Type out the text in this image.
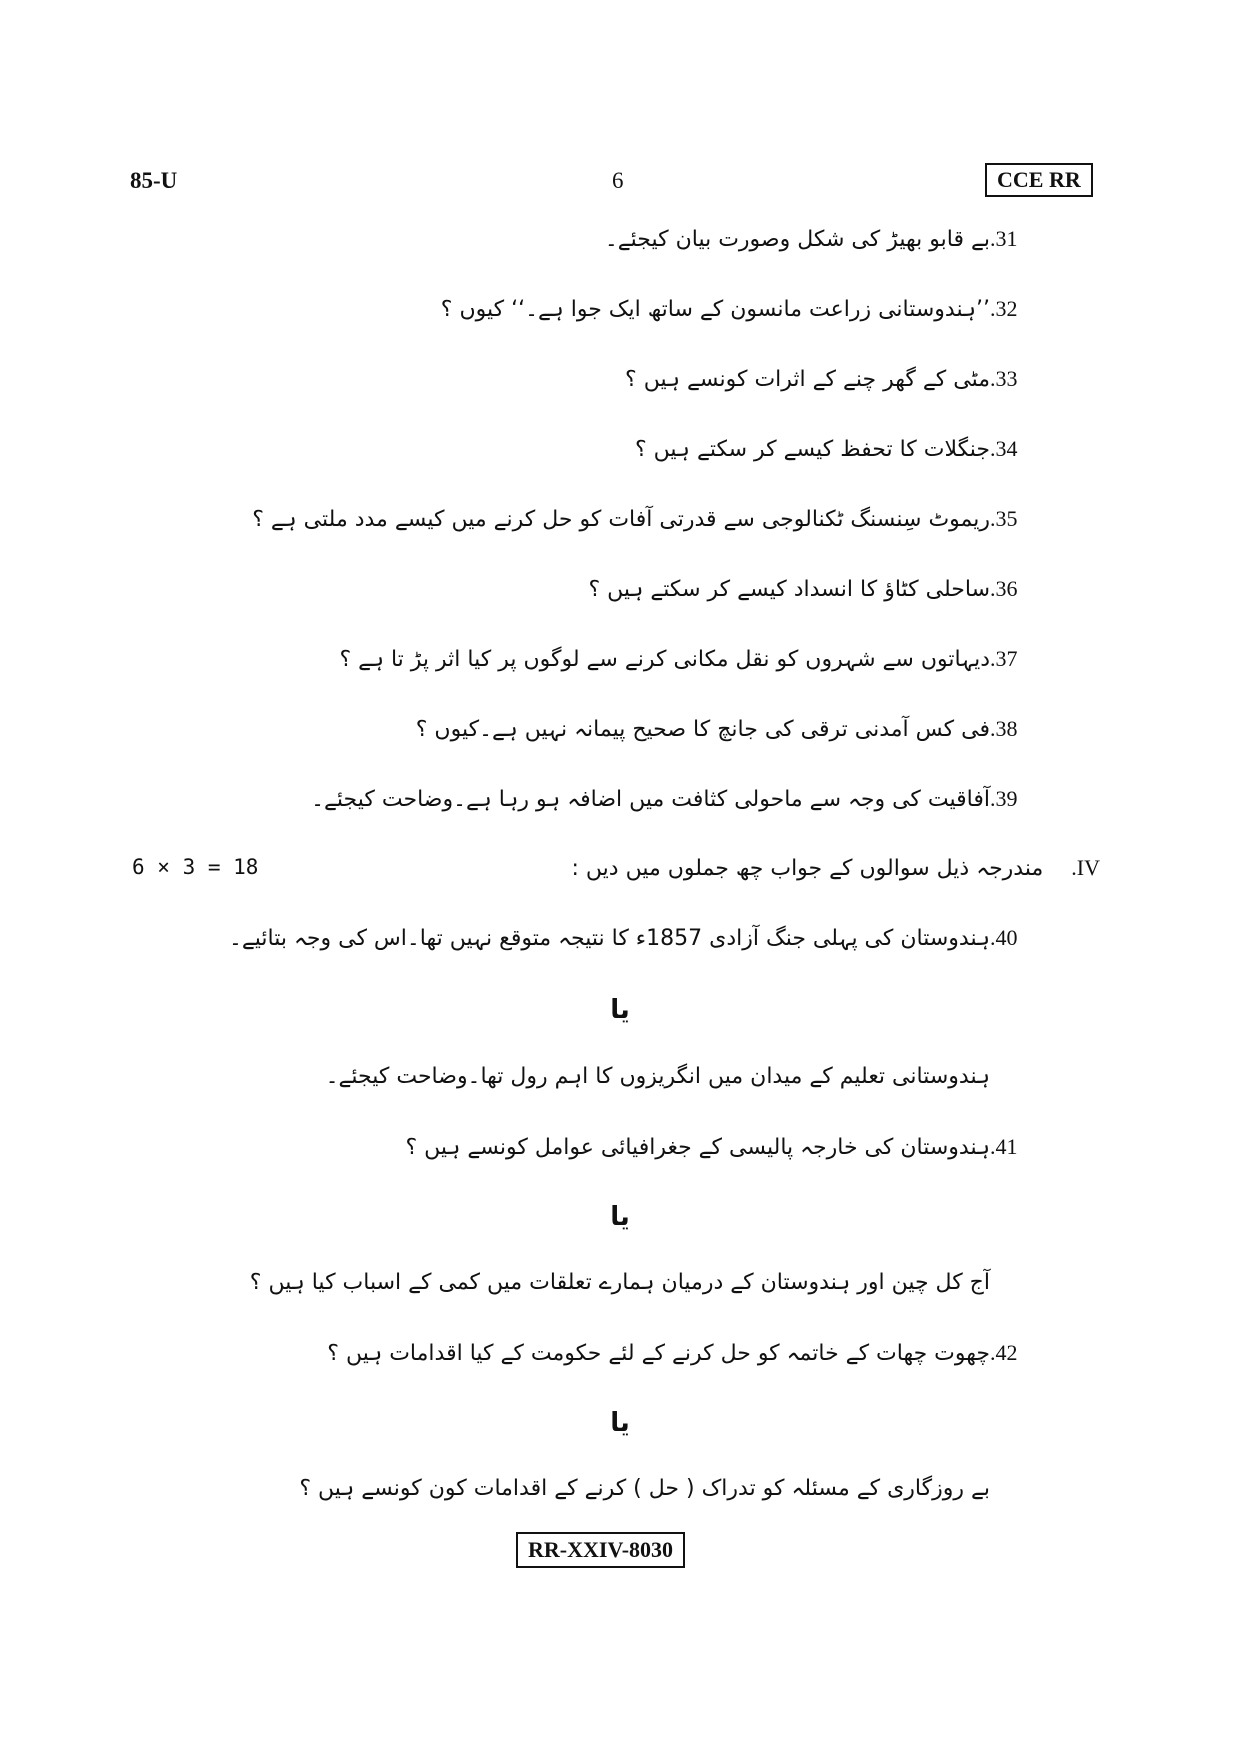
85-U	6	CCE RR
.31
بے قابو بھیڑ کی شکل وصورت بیان کیجئے۔
.32
’’ہندوستانی زراعت مانسون کے ساتھ ایک جوا ہے۔‘‘ کیوں ؟
.33
مٹی کے گھر چنے کے اثرات کونسے ہیں ؟
.34
جنگلات کا تحفظ کیسے کر سکتے ہیں ؟
.35
ریموٹ سِنسنگ ٹکنالوجی سے قدرتی آفات کو حل کرنے میں کیسے مدد ملتی ہے ؟
.36
ساحلی کٹاؤ کا انسداد کیسے کر سکتے ہیں ؟
.37
دیہاتوں سے شہروں کو نقل مکانی کرنے سے لوگوں پر کیا اثر پڑ تا ہے ؟
.38
فی کس آمدنی ترقی کی جانچ کا صحیح پیمانہ نہیں ہے۔کیوں ؟
.39
آفاقیت کی وجہ سے ماحولی کثافت میں اضافہ ہو رہا ہے۔وضاحت کیجئے۔
.IV
مندرجہ ذیل سوالوں کے جواب چھ جملوں میں دیں :
6 × 3 = 18
.40
ہندوستان کی پہلی جنگ آزادی 1857ء کا نتیجہ متوقع نہیں تھا۔اس کی وجہ بتائیے۔
یا
ہندوستانی تعلیم کے میدان میں انگریزوں کا اہم رول تھا۔وضاحت کیجئے۔
.41
ہندوستان کی خارجہ پالیسی کے جغرافیائی عوامل کونسے ہیں ؟
یا
آج کل چین اور ہندوستان کے درمیان ہمارے تعلقات میں کمی کے اسباب کیا ہیں ؟
.42
چھوت چھات کے خاتمہ کو حل کرنے کے لئے حکومت کے کیا اقدامات ہیں ؟
یا
بے روزگاری کے مسئلہ کو تدراک ( حل ) کرنے کے اقدامات کون کونسے ہیں ؟
RR-XXIV-8030
